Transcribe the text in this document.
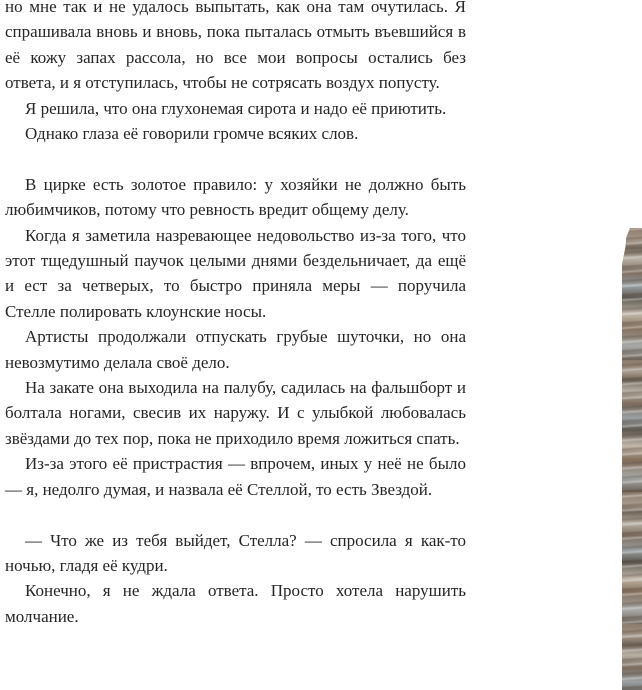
но мне так и не удалось выпытать, как она там очутилась. Я спрашивала вновь и вновь, пока пыталась отмыть въевшийся в её кожу запах рассола, но все мои вопросы остались без ответа, и я отступилась, чтобы не сотрясать воздух попусту.

Я решила, что она глухонемая сирота и надо её приютить.

Однако глаза её говорили громче всяких слов.

В цирке есть золотое правило: у хозяйки не должно быть любимчиков, потому что ревность вредит общему делу.

Когда я заметила назревающее недовольство из-за того, что этот тщедушный паучок целыми днями бездельничает, да ещё и ест за четверых, то быстро приняла меры — поручила Стелле полировать клоунские носы.

Артисты продолжали отпускать грубые шуточки, но она невозмутимо делала своё дело.

На закате она выходила на палубу, садилась на фальшборт и болтала ногами, свесив их наружу. И с улыбкой любовалась звёздами до тех пор, пока не приходило время ложиться спать.

Из-за этого её пристрастия — впрочем, иных у неё не было — я, недолго думая, и назвала её Стеллой, то есть Звездой.

— Что же из тебя выйдет, Стелла? — спросила я как-то ночью, гладя её кудри.

Конечно, я не ждала ответа. Просто хотела нарушить молчание.
